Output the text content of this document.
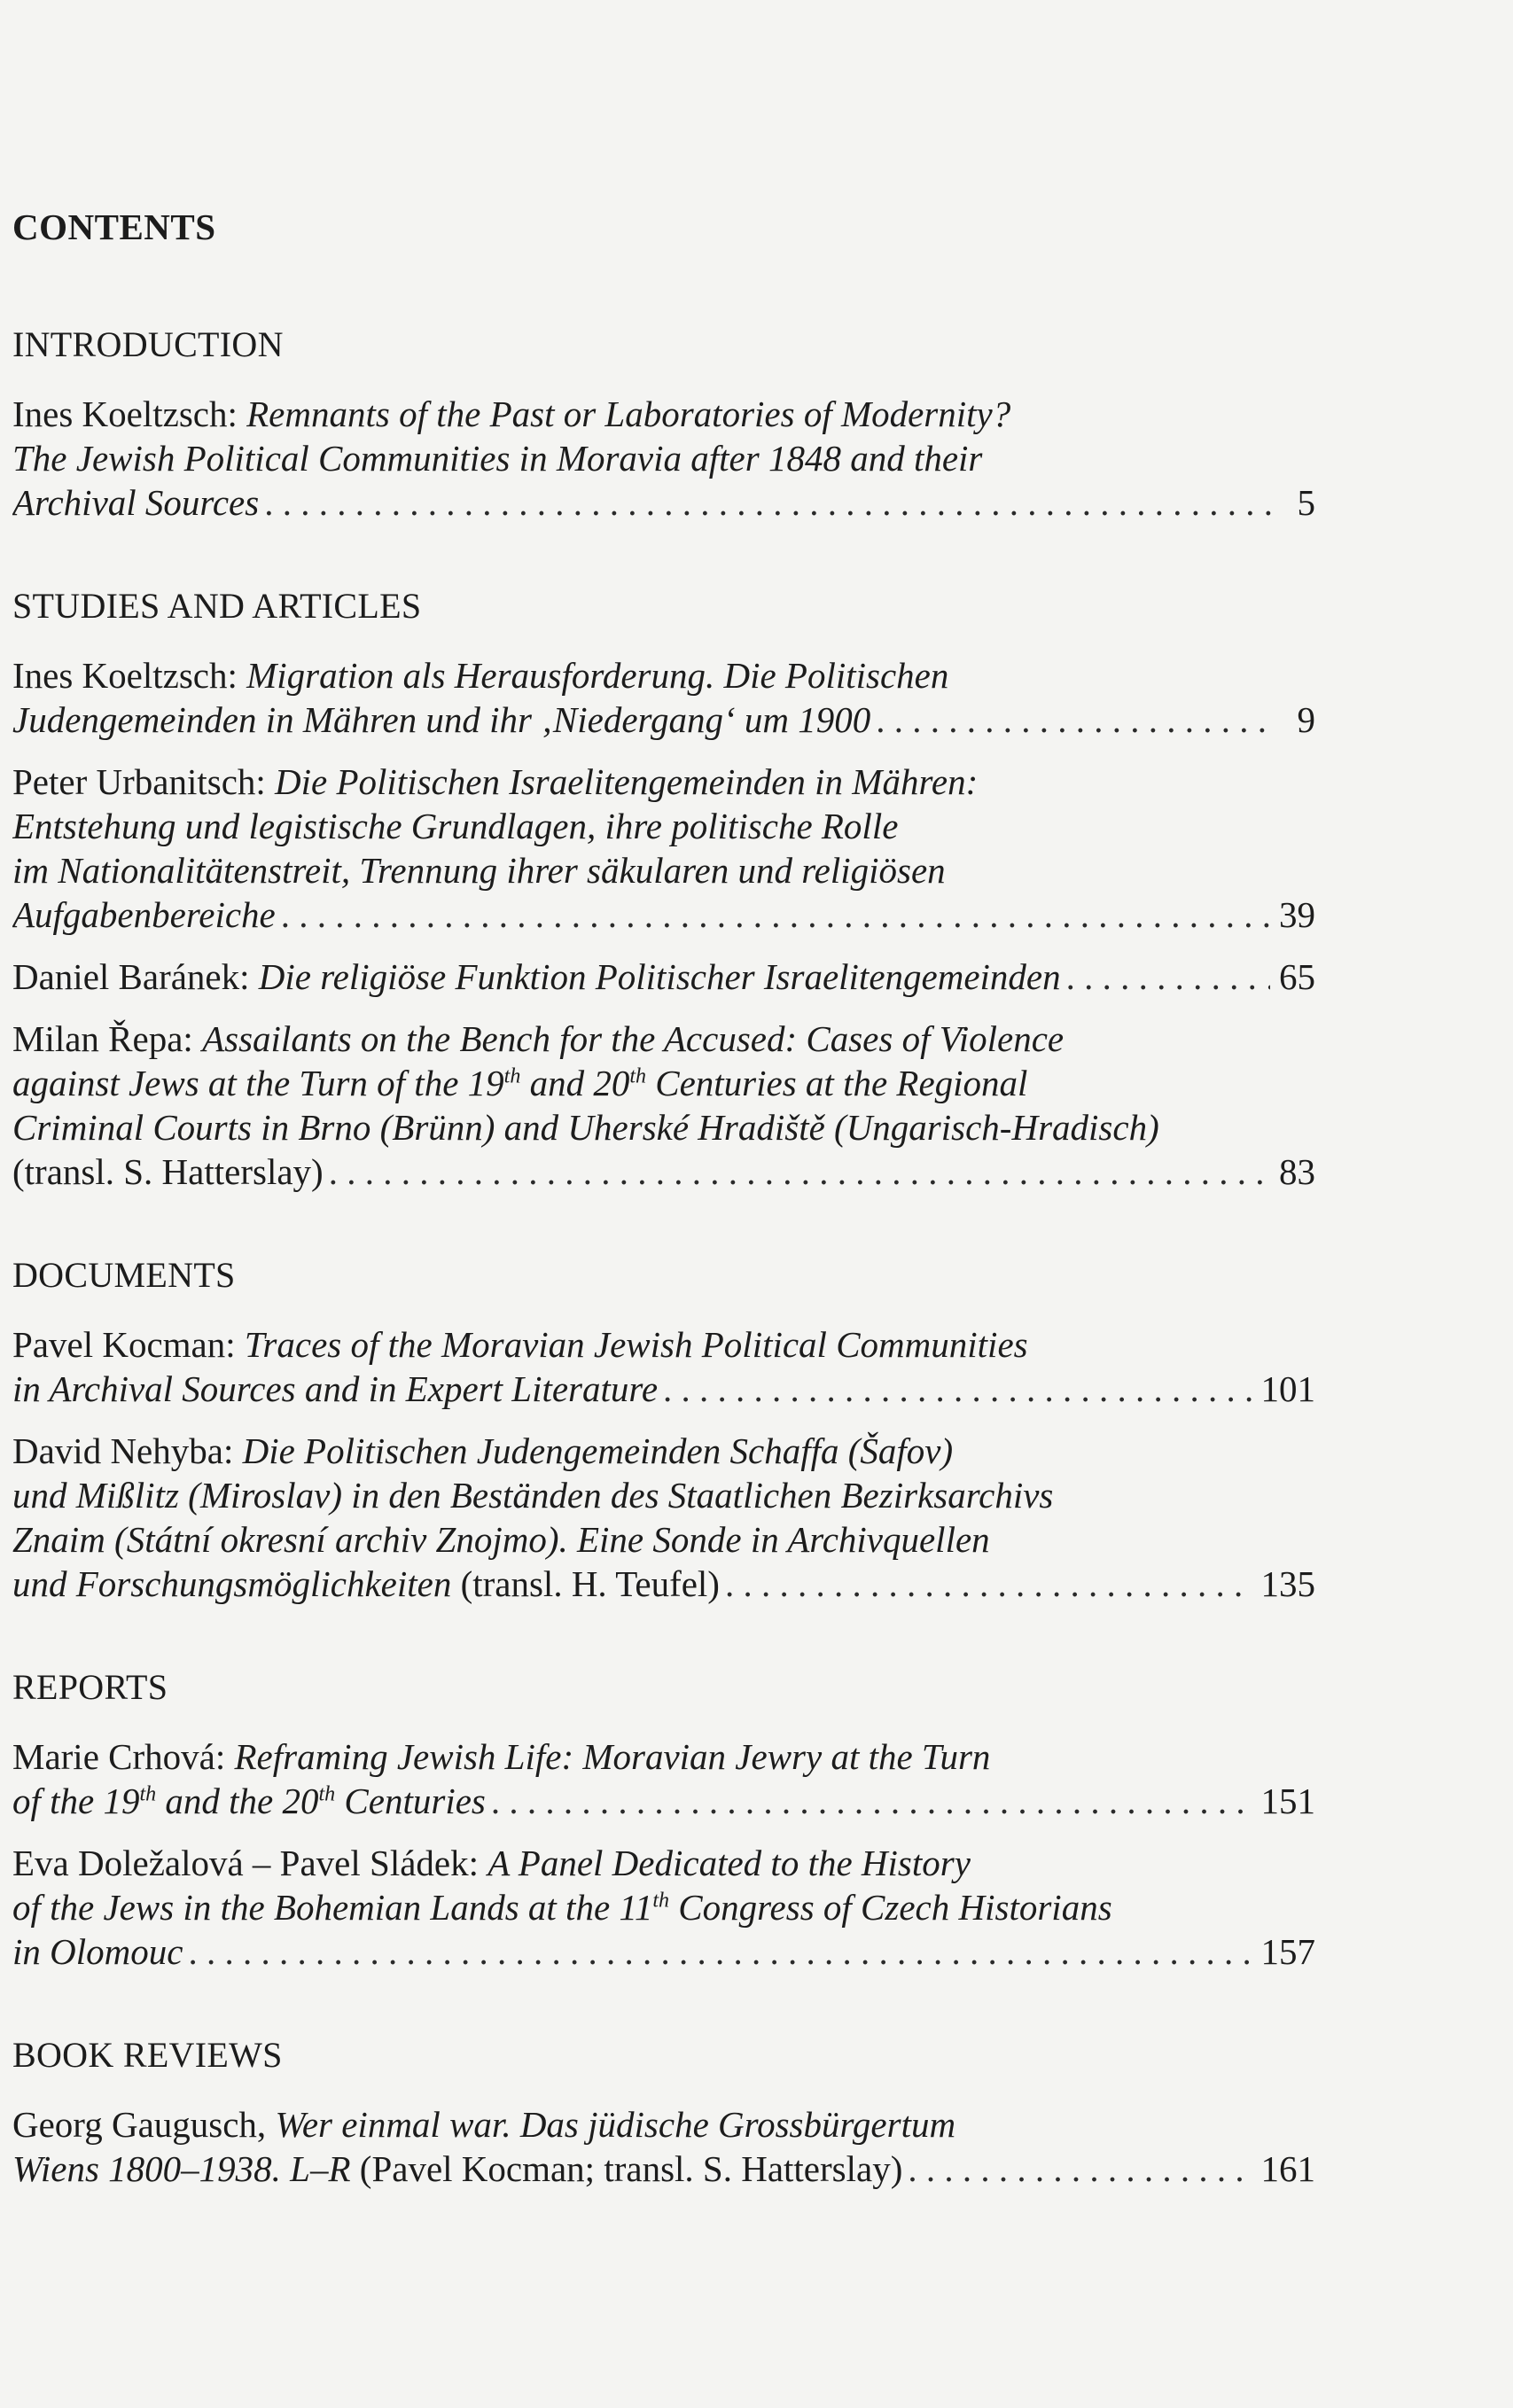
CONTENTS
INTRODUCTION
Ines Koeltzsch: Remnants of the Past or Laboratories of Modernity?
The Jewish Political Communities in Moravia after 1848 and their
Archival Sources . . .	5
STUDIES AND ARTICLES
Ines Koeltzsch: Migration als Herausforderung. Die Politischen
Judengemeinden in Mähren und ihr ‚Niedergang‘ um 1900 . . .	9
Peter Urbanitsch: Die Politischen Israelitengemeinden in Mähren:
Entstehung und legistische Grundlagen, ihre politische Rolle
im Nationalitätenstreit, Trennung ihrer säkularen und religiösen
Aufgabenbereiche . . .	39
Daniel Baránek: Die religiöse Funktion Politischer Israelitengemeinden . . .	65
Milan Řepa: Assailants on the Bench for the Accused: Cases of Violence
against Jews at the Turn of the 19th and 20th Centuries at the Regional
Criminal Courts in Brno (Brünn) and Uherské Hradiště (Ungarisch-Hradisch)
(transl. S. Hatterslay) . . .	83
DOCUMENTS
Pavel Kocman: Traces of the Moravian Jewish Political Communities
in Archival Sources and in Expert Literature . . .	101
David Nehyba: Die Politischen Judengemeinden Schaffa (Šafov)
und Mißlitz (Miroslav) in den Beständen des Staatlichen Bezirksarchivs
Znaim (Státní okresní archiv Znojmo). Eine Sonde in Archivquellen
und Forschungsmöglichkeiten (transl. H. Teufel) . . .	135
REPORTS
Marie Crhová: Reframing Jewish Life: Moravian Jewry at the Turn
of the 19th and the 20th Centuries . . .	151
Eva Doležalová – Pavel Sládek: A Panel Dedicated to the History
of the Jews in the Bohemian Lands at the 11th Congress of Czech Historians
in Olomouc . . .	157
BOOK REVIEWS
Georg Gaugusch, Wer einmal war. Das jüdische Grossbürgertum
Wiens 1800–1938. L–R (Pavel Kocman; transl. S. Hatterslay) . . .	161
